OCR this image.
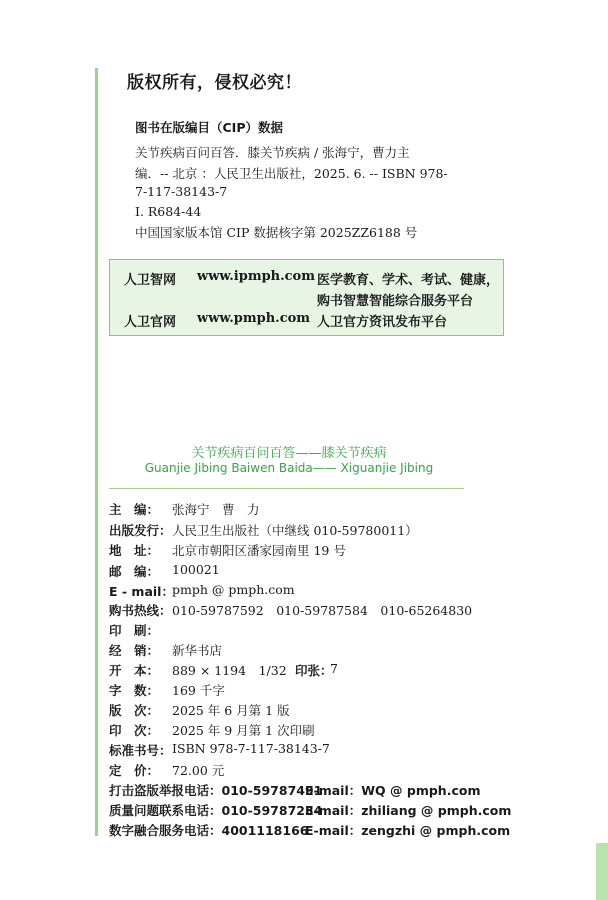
版权所有，侵权必究！
图书在版编目（CIP）数据
关节疾病百问百答．膝关节疾病 / 张海宁，曹力主
编．-- 北京 ：人民卫生出版社，2025. 6. -- ISBN 978-
7-117-38143-7
Ⅰ. R684-44
中国国家版本馆 CIP 数据核字第 2025ZZ6188 号
人卫智网 www.ipmph.com 医学教育、学术、考试、健康，
购书智慧智能综合服务平台
人卫官网 www.pmph.com 人卫官方资讯发布平台
关节疾病百问百答——膝关节疾病
Guanjie Jibing Baiwen Baida—— Xiguanjie Jibing
主 编： 张海宁　曹　力
出版发行： 人民卫生出版社（中继线 010-59780011）
地 址： 北京市朝阳区潘家园南里 19 号
邮 编： 100021
E - mail：
pmph @ pmph.com
购书热线： 010-59787592　010-59787584　010-65264830
印 刷：
经 销： 新华书店
开 本： 889 × 1194　1/32 印张：
7
字 数： 169 千字
版 次： 2025 年 6 月第 1 版
印 次： 2025 年 9 月第 1 次印刷
标准书号： ISBN 978-7-117-38143-7
定 价： 72.00 元
打击盗版举报电话：010-59787491
E-mail：WQ @ pmph.com
质量问题联系电话：010-59787234
E-mail：zhiliang @ pmph.com
数字融合服务电话：4001118166
E-mail：zengzhi @ pmph.com
